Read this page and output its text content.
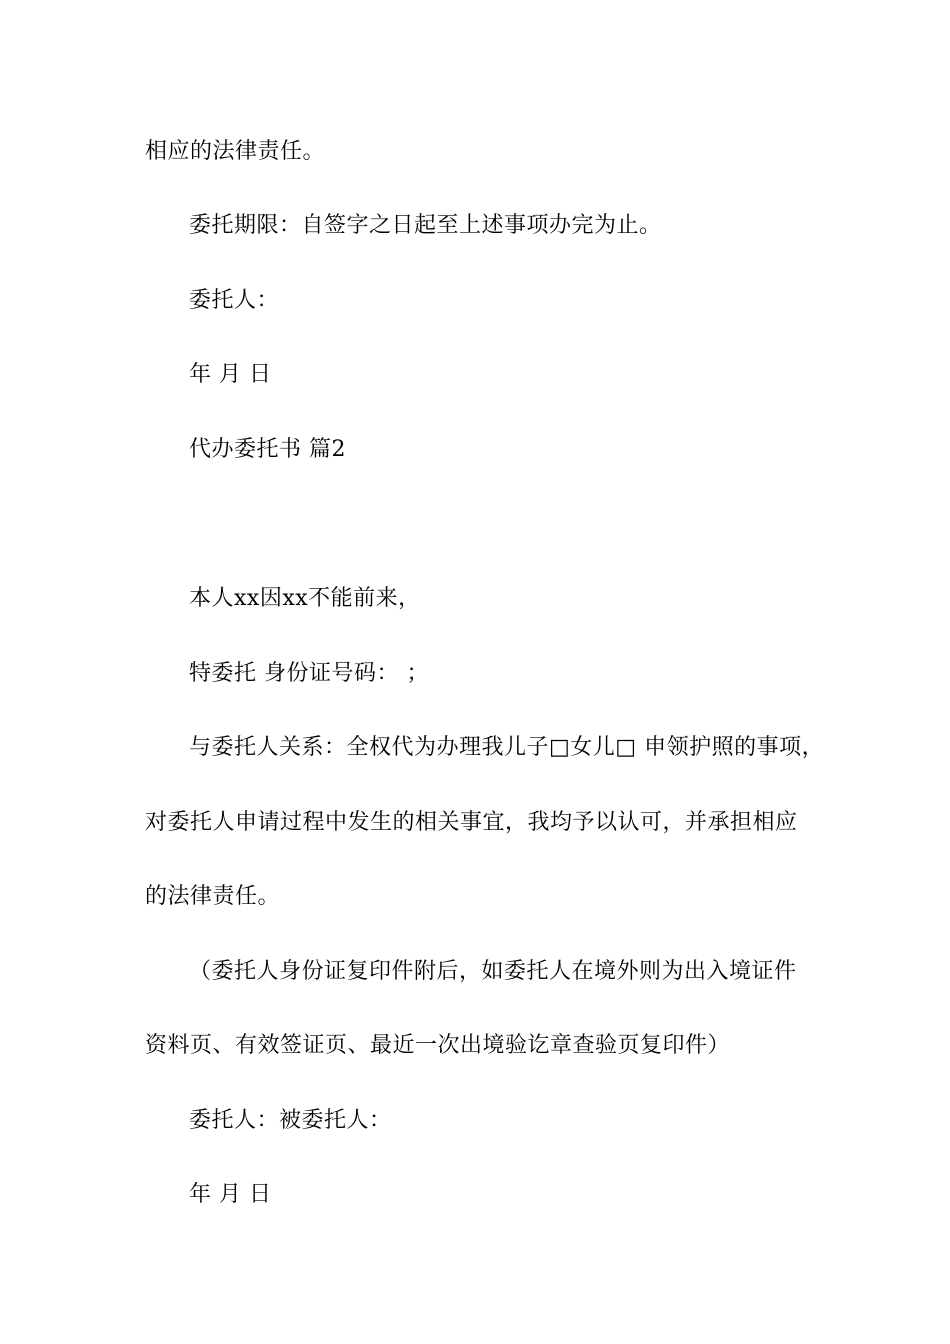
相应的法律责任。
委托期限：自签字之日起至上述事项办完为止。
委托人：
年 月 日
代办委托书 篇2
本人xx因xx不能前来，
特委托 身份证号码： ；
与委托人关系：全权代为办理我儿子□女儿□ 申领护照的事项，
对委托人申请过程中发生的相关事宜，我均予以认可，并承担相应
的法律责任。
（委托人身份证复印件附后，如委托人在境外则为出入境证件
资料页、有效签证页、最近一次出境验讫章查验页复印件）
委托人：被委托人：
年 月 日
